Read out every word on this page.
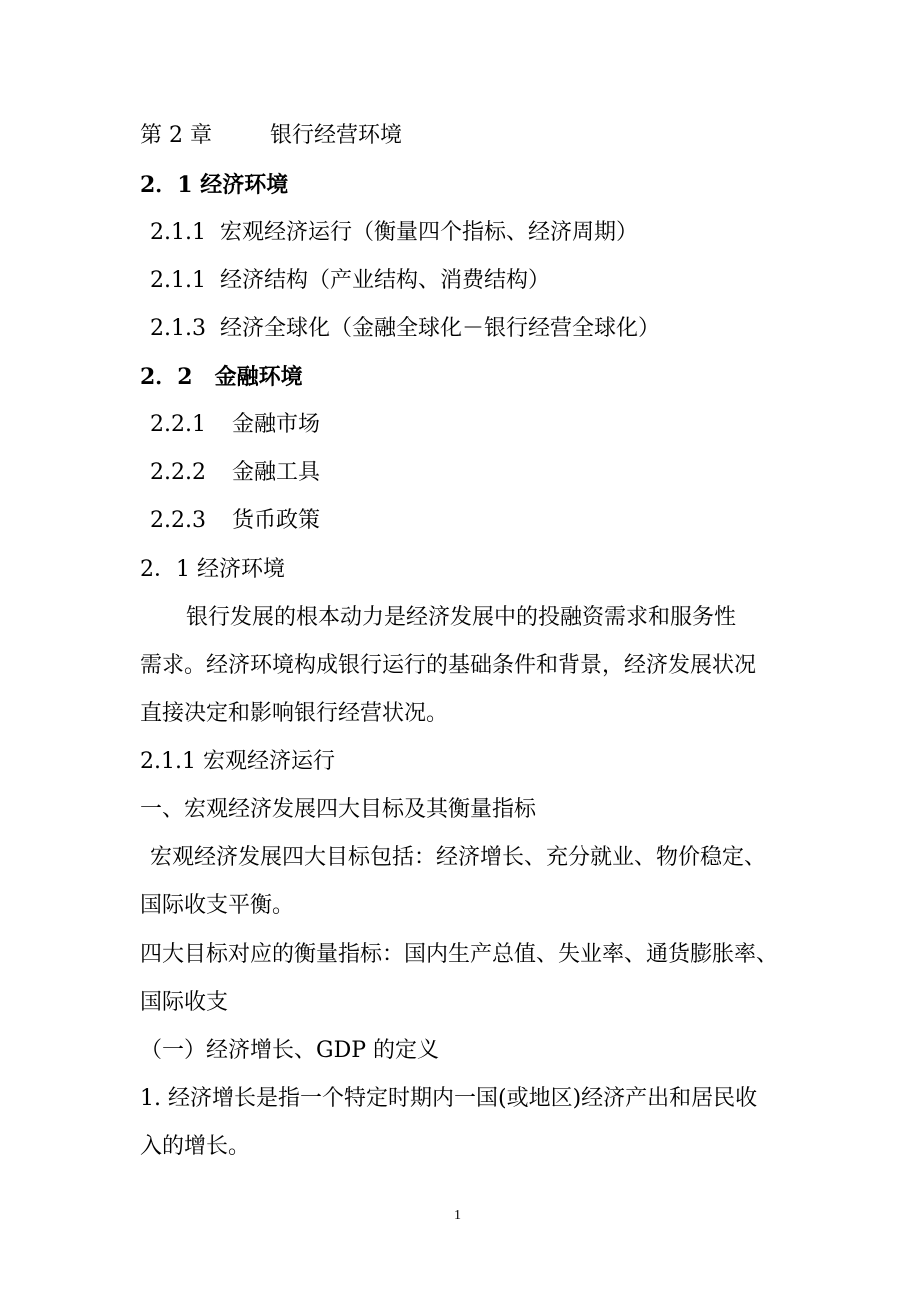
第 2 章	银行经营环境
2．1 经济环境
2.1.1 宏观经济运行（衡量四个指标、经济周期）
2.1.1 经济结构（产业结构、消费结构）
2.1.3 经济全球化（金融全球化－银行经营全球化）
2．2　金融环境
2.2.1 金融市场
2.2.2 金融工具
2.2.3 货币政策
2．1 经济环境
银行发展的根本动力是经济发展中的投融资需求和服务性
需求。经济环境构成银行运行的基础条件和背景，经济发展状况
直接决定和影响银行经营状况。
2.1.1 宏观经济运行
一、宏观经济发展四大目标及其衡量指标
宏观经济发展四大目标包括：经济增长、充分就业、物价稳定、
国际收支平衡。
四大目标对应的衡量指标：国内生产总值、失业率、通货膨胀率、
国际收支
（一）经济增长、GDP 的定义
1. 经济增长是指一个特定时期内一国(或地区)经济产出和居民收
入的增长。
1
